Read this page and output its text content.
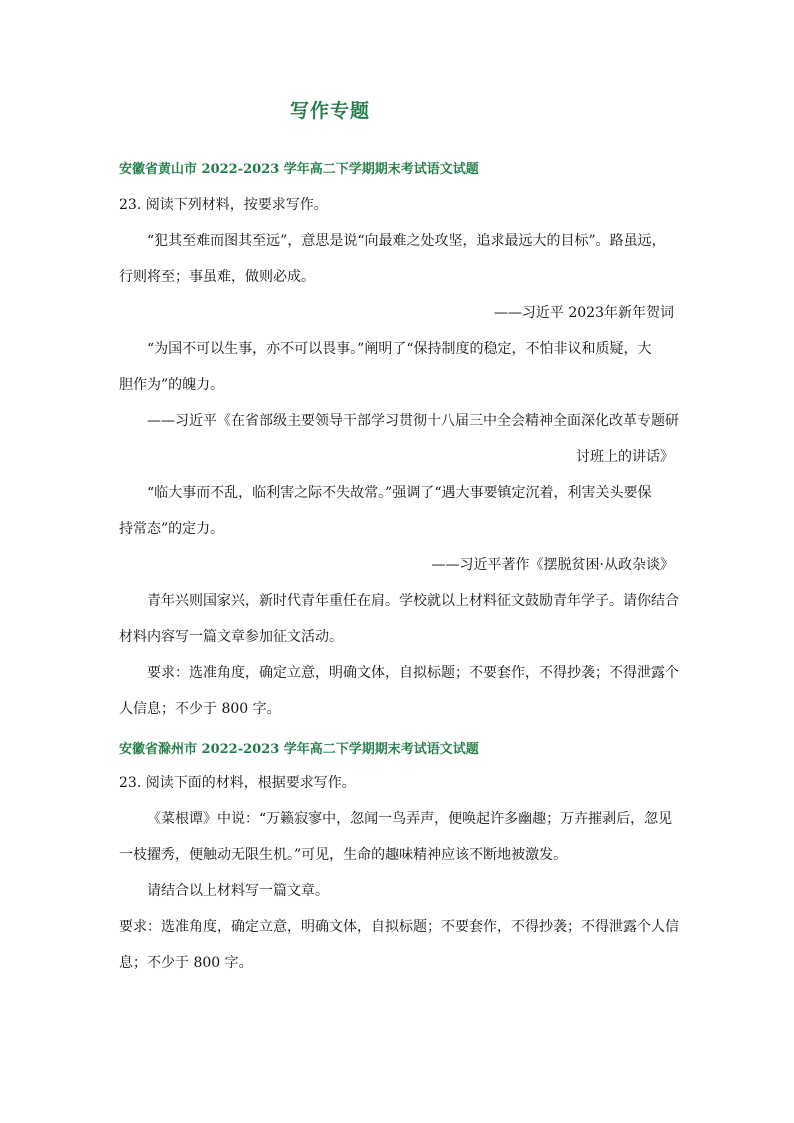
写作专题
安徽省黄山市 2022-2023 学年高二下学期期末考试语文试题
23. 阅读下列材料，按要求写作。
“犯其至难而图其至远”，意思是说“向最难之处攻坚，追求最远大的目标”。路虽远，
行则将至；事虽难，做则必成。
——习近平 2023年新年贺词
“为国不可以生事，亦不可以畏事。”阐明了“保持制度的稳定，不怕非议和质疑，大
胆作为”的魄力。
——习近平《在省部级主要领导干部学习贯彻十八届三中全会精神全面深化改革专题研
讨班上的讲话》
“临大事而不乱，临利害之际不失故常。”强调了“遇大事要镇定沉着，利害关头要保
持常态”的定力。
——习近平著作《摆脱贫困·从政杂谈》
青年兴则国家兴，新时代青年重任在肩。学校就以上材料征文鼓励青年学子。请你结合
材料内容写一篇文章参加征文活动。
要求：选准角度，确定立意，明确文体，自拟标题；不要套作，不得抄袭；不得泄露个
人信息；不少于 800 字。
安徽省滁州市 2022-2023 学年高二下学期期末考试语文试题
23. 阅读下面的材料，根据要求写作。
《菜根谭》中说：“万籁寂寥中，忽闻一鸟弄声，便唤起许多幽趣；万卉摧剥后，忽见
一枝擢秀，便触动无限生机。”可见，生命的趣味精神应该不断地被激发。
请结合以上材料写一篇文章。
要求：选准角度，确定立意，明确文体，自拟标题；不要套作，不得抄袭；不得泄露个人信
息；不少于 800 字。
